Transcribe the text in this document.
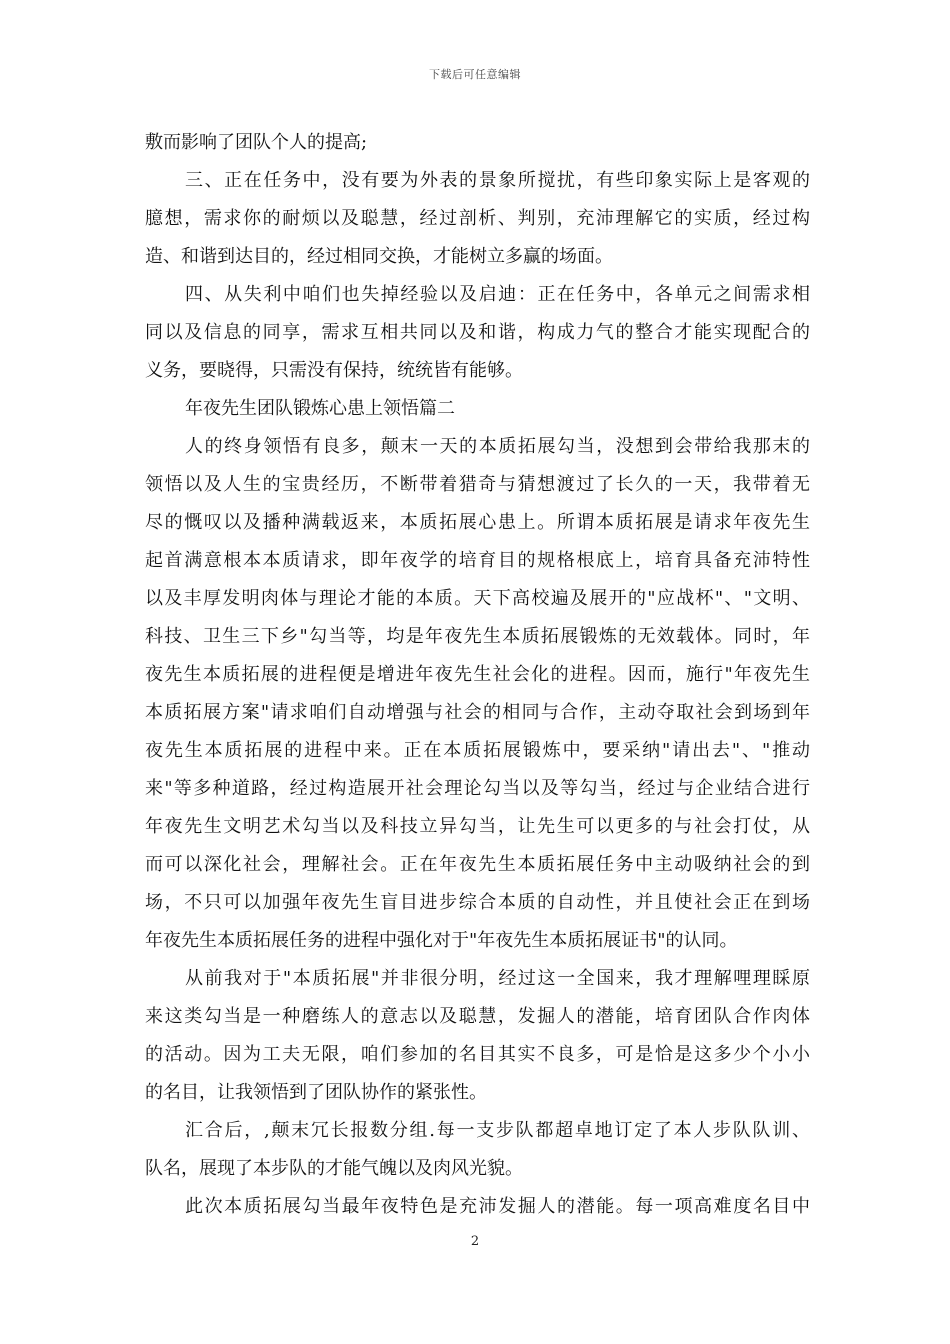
下载后可任意编辑
敷而影响了团队个人的提高;
三、正在任务中，没有要为外表的景象所搅扰，有些印象实际上是客观的
臆想，需求你的耐烦以及聪慧，经过剖析、判别，充沛理解它的实质，经过构
造、和谐到达目的，经过相同交换，才能树立多赢的场面。
四、从失利中咱们也失掉经验以及启迪：正在任务中，各单元之间需求相
同以及信息的同享，需求互相共同以及和谐，构成力气的整合才能实现配合的
义务，要晓得，只需没有保持，统统皆有能够。
年夜先生团队锻炼心患上领悟篇二
人的终身领悟有良多，颠末一天的本质拓展勾当，没想到会带给我那末的
领悟以及人生的宝贵经历，不断带着猎奇与猜想渡过了长久的一天，我带着无
尽的慨叹以及播种满载返来，本质拓展心患上。所谓本质拓展是请求年夜先生
起首满意根本本质请求，即年夜学的培育目的规格根底上，培育具备充沛特性
以及丰厚发明肉体与理论才能的本质。天下高校遍及展开的"应战杯"、"文明、
科技、卫生三下乡"勾当等，均是年夜先生本质拓展锻炼的无效载体。同时，年
夜先生本质拓展的进程便是增进年夜先生社会化的进程。因而，施行"年夜先生
本质拓展方案"请求咱们自动增强与社会的相同与合作，主动夺取社会到场到年
夜先生本质拓展的进程中来。正在本质拓展锻炼中，要采纳"请出去"、"推动
来"等多种道路，经过构造展开社会理论勾当以及等勾当，经过与企业结合进行
年夜先生文明艺术勾当以及科技立异勾当，让先生可以更多的与社会打仗，从
而可以深化社会，理解社会。正在年夜先生本质拓展任务中主动吸纳社会的到
场，不只可以加强年夜先生盲目进步综合本质的自动性，并且使社会正在到场
年夜先生本质拓展任务的进程中强化对于"年夜先生本质拓展证书"的认同。
从前我对于"本质拓展"并非很分明，经过这一全国来，我才理解哩理睬原
来这类勾当是一种磨练人的意志以及聪慧，发掘人的潜能，培育团队合作肉体
的活动。因为工夫无限，咱们参加的名目其实不良多，可是恰是这多少个小小
的名目，让我领悟到了团队协作的紧张性。
汇合后，,颠末冗长报数分组.每一支步队都超卓地订定了本人步队队训、
队名，展现了本步队的才能气魄以及肉风光貌。
此次本质拓展勾当最年夜特色是充沛发掘人的潜能。每一项高难度名目中
2
